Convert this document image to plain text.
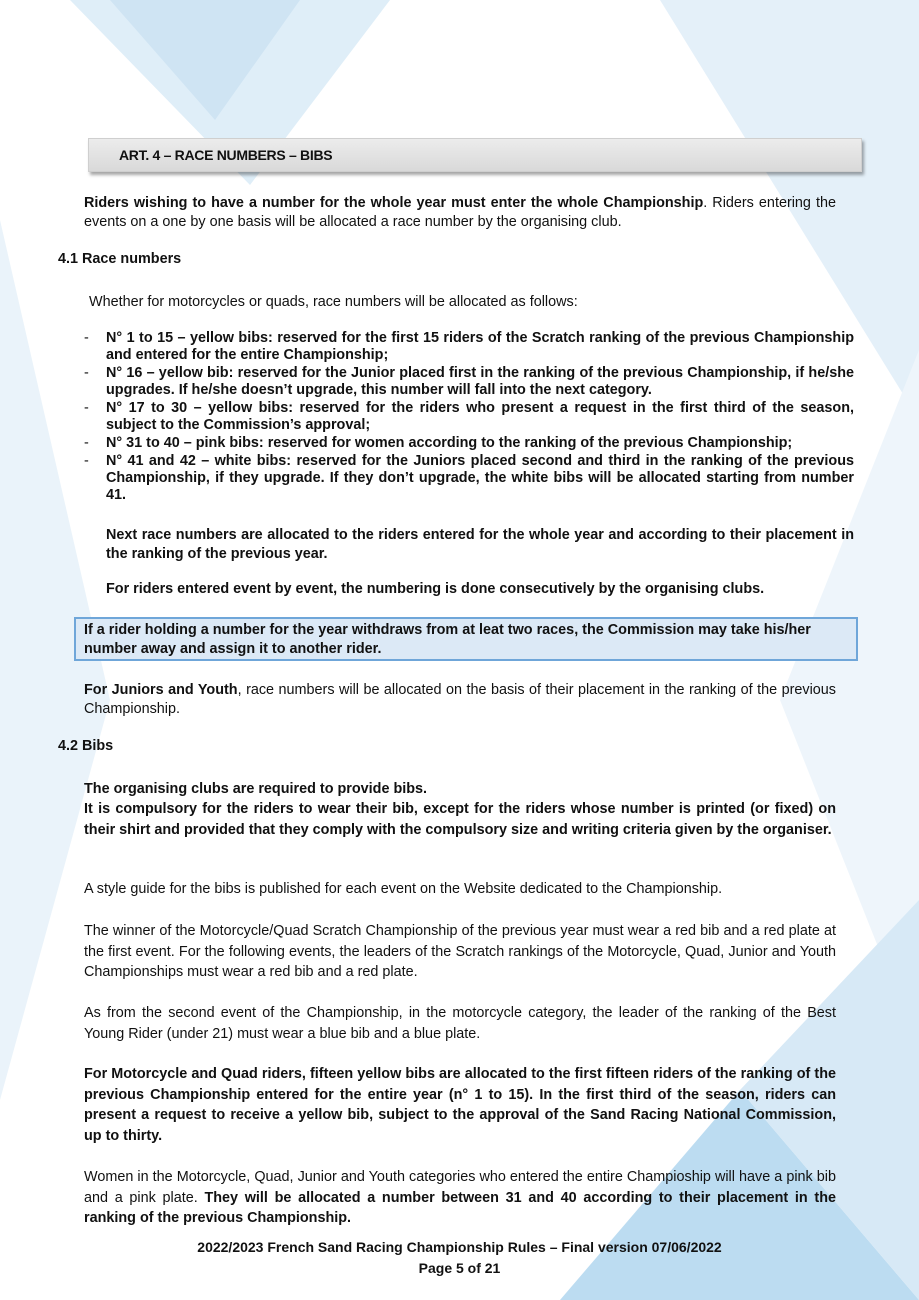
ART. 4 – RACE NUMBERS – BIBS
Riders wishing to have a number for the whole year must enter the whole Championship. Riders entering the events on a one by one basis will be allocated a race number by the organising club.
4.1 Race numbers
Whether for motorcycles or quads, race numbers will be allocated as follows:
- N° 1 to 15 – yellow bibs: reserved for the first 15 riders of the Scratch ranking of the previous Championship and entered for the entire Championship;
- N° 16 – yellow bib: reserved for the Junior placed first in the ranking of the previous Championship, if he/she upgrades. If he/she doesn’t upgrade, this number will fall into the next category.
- N° 17 to 30 – yellow bibs: reserved for the riders who present a request in the first third of the season, subject to the Commission’s approval;
- N° 31 to 40 – pink bibs: reserved for women according to the ranking of the previous Championship;
- N° 41 and 42 – white bibs: reserved for the Juniors placed second and third in the ranking of the previous Championship, if they upgrade. If they don’t upgrade, the white bibs will be allocated starting from number 41.
Next race numbers are allocated to the riders entered for the whole year and according to their placement in the ranking of the previous year.
For riders entered event by event, the numbering is done consecutively by the organising clubs.
If a rider holding a number for the year withdraws from at leat two races, the Commission may take his/her number away and assign it to another rider.
For Juniors and Youth, race numbers will be allocated on the basis of their placement in the ranking of the previous Championship.
4.2 Bibs
The organising clubs are required to provide bibs.
It is compulsory for the riders to wear their bib, except for the riders whose number is printed (or fixed) on their shirt and provided that they comply with the compulsory size and writing criteria given by the organiser.
A style guide for the bibs is published for each event on the Website dedicated to the Championship.
The winner of the Motorcycle/Quad Scratch Championship of the previous year must wear a red bib and a red plate at the first event. For the following events, the leaders of the Scratch rankings of the Motorcycle, Quad, Junior and Youth Championships must wear a red bib and a red plate.
As from the second event of the Championship, in the motorcycle category, the leader of the ranking of the Best Young Rider (under 21) must wear a blue bib and a blue plate.
For Motorcycle and Quad riders, fifteen yellow bibs are allocated to the first fifteen riders of the ranking of the previous Championship entered for the entire year (n° 1 to 15). In the first third of the season, riders can present a request to receive a yellow bib, subject to the approval of the Sand Racing National Commission, up to thirty.
Women in the Motorcycle, Quad, Junior and Youth categories who entered the entire Champioship will have a pink bib and a pink plate. They will be allocated a number between 31 and 40 according to their placement in the ranking of the previous Championship.
2022/2023 French Sand Racing Championship Rules – Final version 07/06/2022
Page 5 of 21
